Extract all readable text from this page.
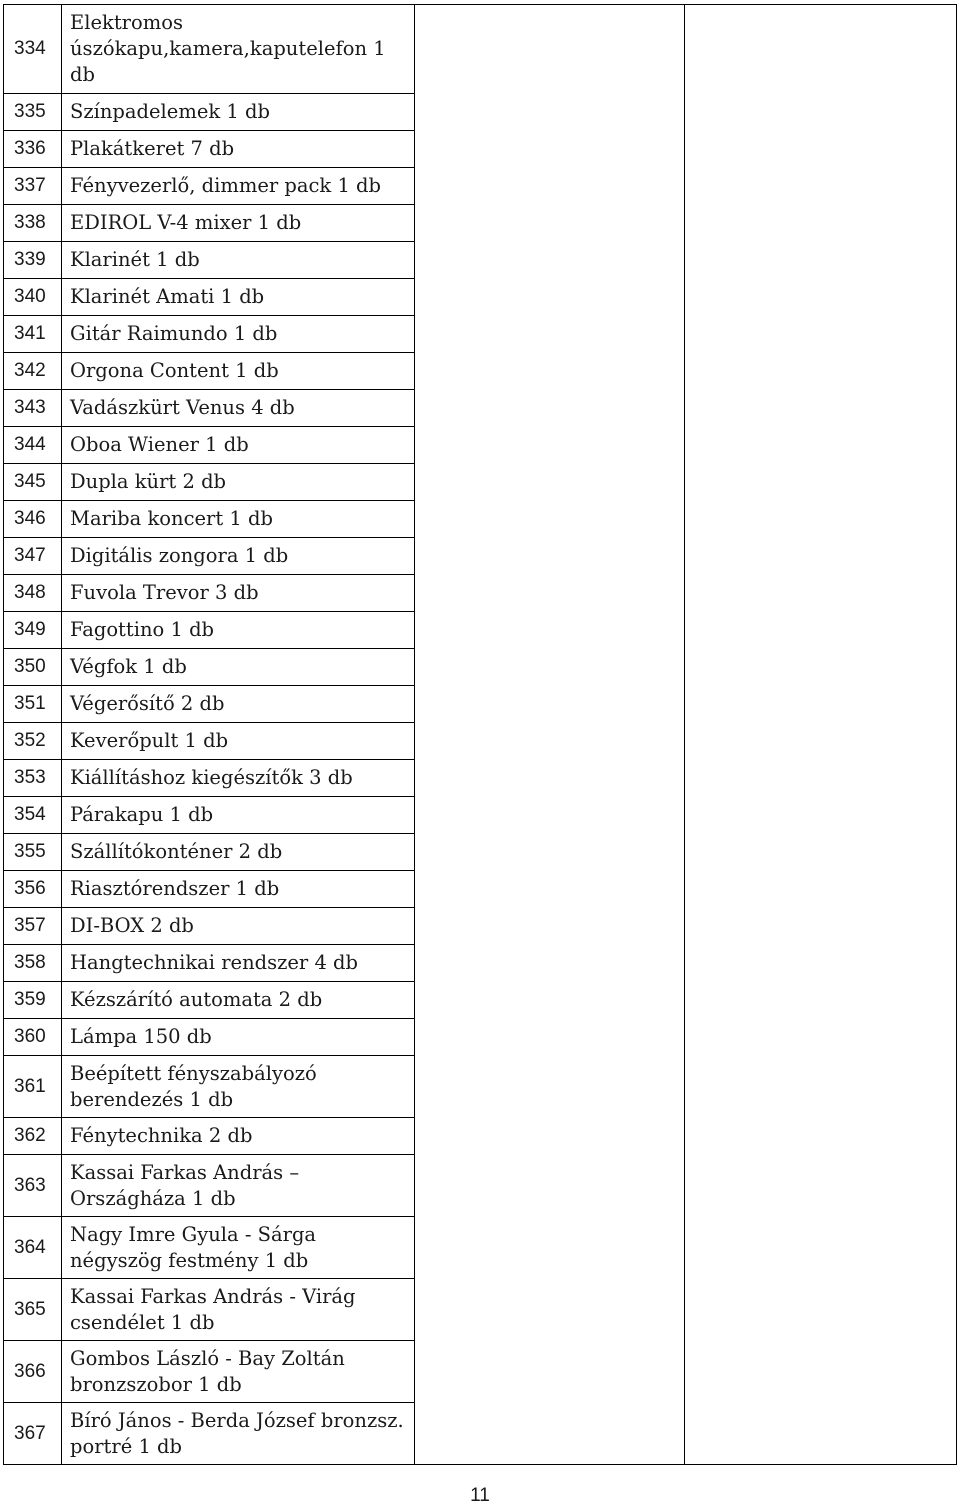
334	Elektromos úszókapu,kamera,kaputelefon 1 db		
335	Színpadelemek 1 db		
336	Plakátkeret 7 db		
337	Fényvezerlő, dimmer pack 1 db		
338	EDIROL V-4 mixer 1 db		
339	Klarinét 1 db		
340	Klarinét Amati 1 db		
341	Gitár Raimundo 1 db		
342	Orgona Content 1 db		
343	Vadászkürt Venus 4 db		
344	Oboa Wiener 1 db		
345	Dupla kürt 2 db		
346	Mariba koncert 1 db		
347	Digitális zongora 1 db		
348	Fuvola Trevor 3 db		
349	Fagottino 1 db		
350	Végfok 1 db		
351	Végerősítő 2 db		
352	Keverőpult 1 db		
353	Kiállításhoz kiegészítők 3 db		
354	Párakapu 1 db		
355	Szállítókonténer 2 db		
356	Riasztórendszer 1 db		
357	DI-BOX 2 db		
358	Hangtechnikai rendszer 4 db		
359	Kézszárító automata 2 db		
360	Lámpa 150 db		
361	Beépített fényszabályozó berendezés 1 db		
362	Fénytechnika 2 db		
363	Kassai Farkas András – Országháza 1 db		
364	Nagy Imre Gyula - Sárga négyszög festmény 1 db		
365	Kassai Farkas András - Virág csendélet 1 db		
366	Gombos László - Bay Zoltán bronzszobor 1 db		
367	Bíró János - Berda József bronzsz. portré 1 db		
11
